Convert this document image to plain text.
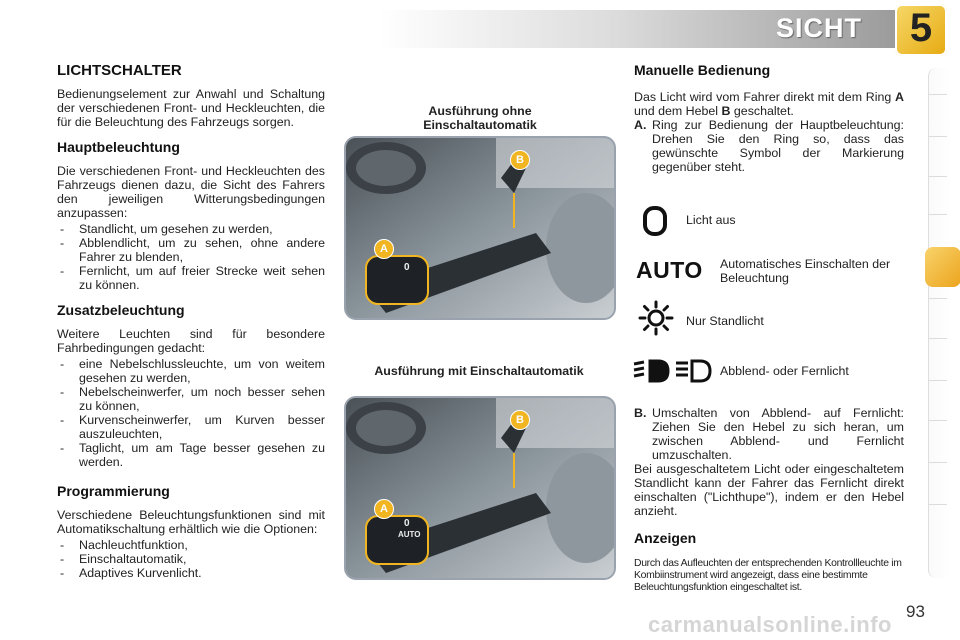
SICHT	5
LICHTSCHALTER

Bedienungselement zur Anwahl und Schaltung der verschiedenen Front- und Heckleuchten, die für die Beleuchtung des Fahrzeugs sorgen.

Hauptbeleuchtung

Die verschiedenen Front- und Heckleuchten des Fahrzeugs dienen dazu, die Sicht des Fahrers den jeweiligen Witterungsbedingungen anzupassen:

- Standlicht, um gesehen zu werden,
- Abblendlicht, um zu sehen, ohne andere Fahrer zu blenden,
- Fernlicht, um auf freier Strecke weit sehen zu können.
Zusatzbeleuchtung

Weitere Leuchten sind für besondere Fahrbedingungen gedacht:

- eine Nebelschlussleuchte, um von weitem gesehen zu werden,
- Nebelscheinwerfer, um noch besser sehen zu können,
- Kurvenscheinwerfer, um Kurven besser auszuleuchten,
- Taglicht, um am Tage besser gesehen zu werden.
Programmierung

Verschiedene Beleuchtungsfunktionen sind mit Automatikschaltung erhältlich wie die Optionen:

- Nachleuchtfunktion,
- Einschaltautomatik,
- Adaptives Kurvenlicht.
Ausführung ohne
Einschaltautomatik
A
B
0
Ausführung mit Einschaltautomatik
A
B
0
AUTO
Manuelle Bedienung

Das Licht wird vom Fahrer direkt mit dem Ring A und dem Hebel B geschaltet.

A. Ring zur Bedienung der Hauptbeleuchtung: Drehen Sie den Ring so, dass das gewünschte Symbol der Markierung gegenüber steht.
Licht aus
AUTO Automatisches Einschalten der Beleuchtung
Nur Standlicht
Abblend- oder Fernlicht
B. Umschalten von Abblend- auf Fernlicht: Ziehen Sie den Hebel zu sich heran, um zwischen Abblend- und Fernlicht umzuschalten.

Bei ausgeschaltetem Licht oder eingeschaltetem Standlicht kann der Fahrer das Fernlicht direkt einschalten ("Lichthupe"), indem er den Hebel anzieht.

Anzeigen
Durch das Aufleuchten der entsprechenden Kontrollleuchte im Kombiinstrument wird angezeigt, dass eine bestimmte Beleuchtungsfunktion eingeschaltet ist.
93
carmanualsonline.info
